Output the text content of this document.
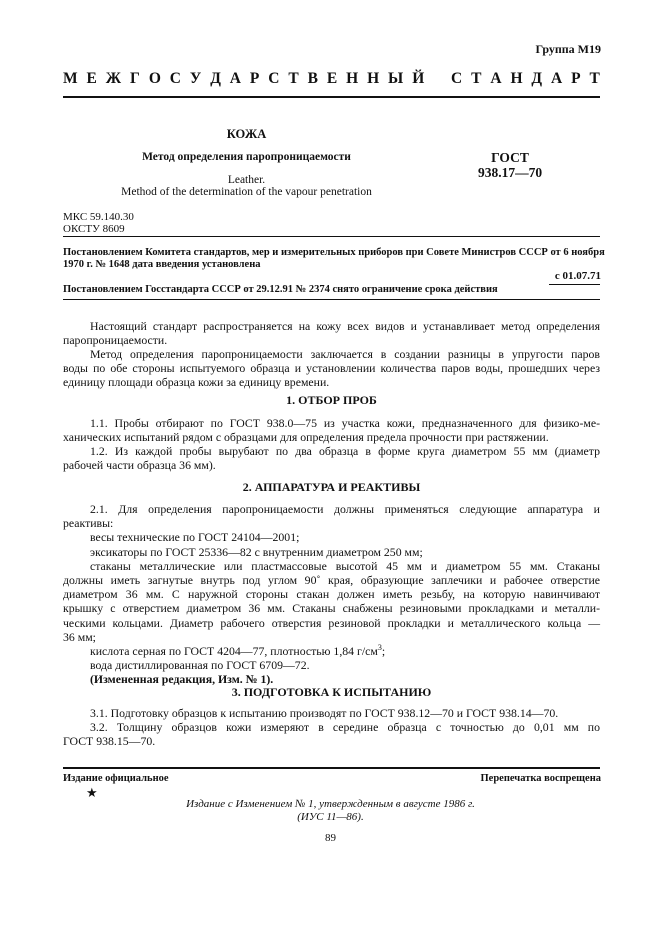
Группа М19
М Е Ж Г О С У Д А Р С Т В Е Н Н Ы Й С Т А Н Д А Р Т
КОЖА
Метод определения паропроницаемости
Leather.
Method of the determination of the vapour penetration
ГОСТ
938.17—70
МКС 59.140.30
ОКСТУ 8609
Постановлением Комитета стандартов, мер и измерительных приборов при Совете Министров СССР от 6 ноября
1970 г. № 1648 дата введения установлена
с 01.07.71
Постановлением Госстандарта СССР от 29.12.91 № 2374 снято ограничение срока действия

Настоящий стандарт распространяется на кожу всех видов и устанавливает метод определения

паропроницаемости.

Метод определения паропроницаемости заключается в создании разницы в упругости паров

воды по обе стороны испытуемого образца и установлении количества паров воды, прошедших через

единицу площади образца кожи за единицу времени.

1. ОТБОР ПРОБ

1.1. Пробы отбирают по ГОСТ 938.0—75 из участка кожи, предназначенного для физико-ме-

ханических испытаний рядом с образцами для определения предела прочности при растяжении.

1.2. Из каждой пробы вырубают по два образца в форме круга диаметром 55 мм (диаметр

рабочей части образца 36 мм).

2. АППАРАТУРА И РЕАКТИВЫ

2.1. Для определения паропроницаемости должны применяться следующие аппаратура и

реактивы:

весы технические по ГОСТ 24104—2001;

эксикаторы по ГОСТ 25336—82 с внутренним диаметром 250 мм;

стаканы металлические или пластмассовые высотой 45 мм и диаметром 55 мм. Стаканы

должны иметь загнутые внутрь под углом 90˚ края, образующие заплечики и рабочее отверстие

диаметром 36 мм. С наружной стороны стакан должен иметь резьбу, на которую навинчивают

крышку с отверстием диаметром 36 мм. Стаканы снабжены резиновыми прокладками и металли-

ческими кольцами. Диаметр рабочего отверстия резиновой прокладки и металлического кольца —

36 мм;

кислота серная по ГОСТ 4204—77, плотностью 1,84 $г/см^3$;

вода дистиллированная по ГОСТ 6709—72.

(Измененная редакция, Изм. № 1).

3. ПОДГОТОВКА К ИСПЫТАНИЮ

3.1. Подготовку образцов к испытанию производят по ГОСТ 938.12—70 и ГОСТ 938.14—70.

3.2. Толщину образцов кожи измеряют в середине образца с точностью до 0,01 мм по

ГОСТ 938.15—70.

Издание официальное	Перепечатка воспрещена
★
Издание с Изменением № 1, утвержденным в августе 1986 г.
(ИУС 11—86).
89
